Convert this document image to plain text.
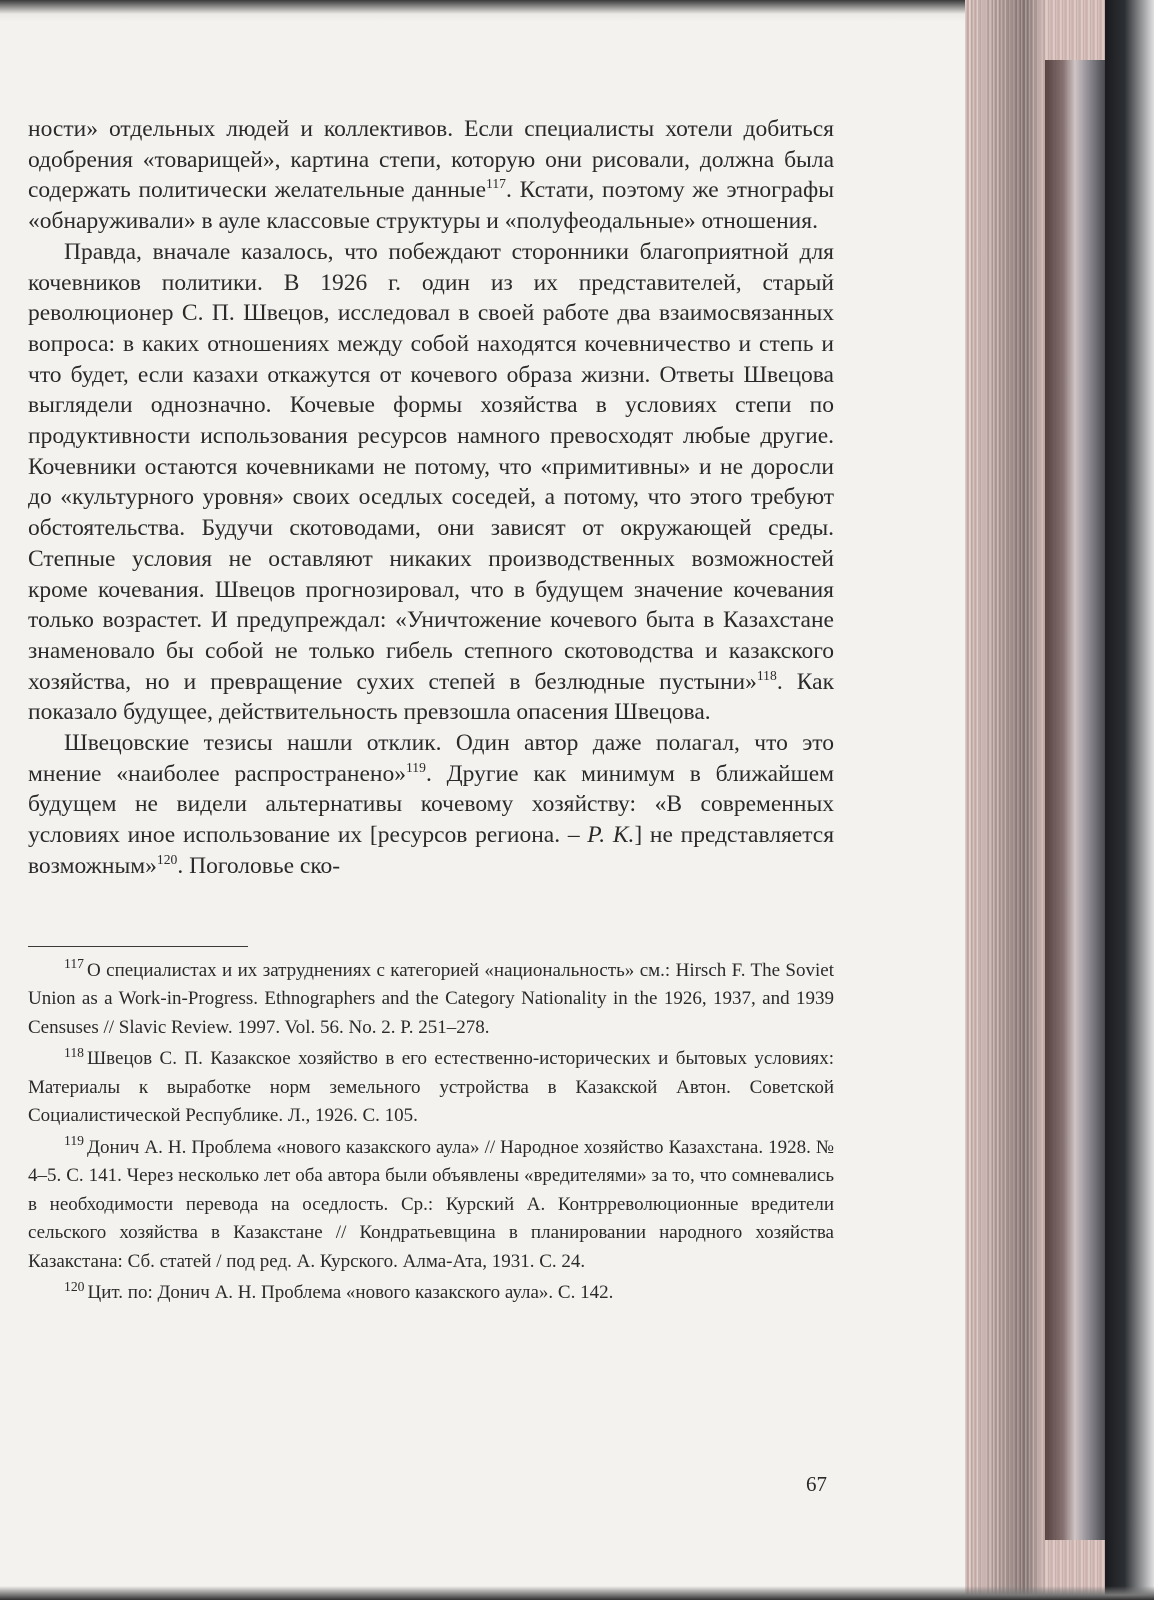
ности» отдельных людей и коллективов. Если специалисты хотели добиться одобрения «товарищей», картина степи, которую они рисовали, должна была содержать политически желательные данные$^{117}$. Кстати, поэтому же этнографы «обнаруживали» в ауле классовые структуры и «полуфеодальные» отношения.

Правда, вначале казалось, что побеждают сторонники благоприятной для кочевников политики. В 1926 г. один из их представителей, старый революционер С. П. Швецов, исследовал в своей работе два взаимосвязанных вопроса: в каких отношениях между собой находятся кочевничество и степь и что будет, если казахи откажутся от кочевого образа жизни. Ответы Швецова выглядели однозначно. Кочевые формы хозяйства в условиях степи по продуктивности использования ресурсов намного превосходят любые другие. Кочевники остаются кочевниками не потому, что «примитивны» и не доросли до «культурного уровня» своих оседлых соседей, а потому, что этого требуют обстоятельства. Будучи скотоводами, они зависят от окружающей среды. Степные условия не оставляют никаких производственных возможностей кроме кочевания. Швецов прогнозировал, что в будущем значение кочевания только возрастет. И предупреждал: «Уничтожение кочевого быта в Казахстане знаменовало бы собой не только гибель степного скотоводства и казакского хозяйства, но и превращение сухих степей в безлюдные пустыни»$^{118}$. Как показало будущее, действительность превзошла опасения Швецова.

Швецовские тезисы нашли отклик. Один автор даже полагал, что это мнение «наиболее распространено»$^{119}$. Другие как минимум в ближайшем будущем не видели альтернативы кочевому хозяйству: «В современных условиях иное использование их [ресурсов региона. – Р. К.] не представляется возможным»$^{120}$. Поголовье ско-

$^{117}$ О специалистах и их затруднениях с категорией «национальность» см.: Hirsch F. The Soviet Union as a Work-in-Progress. Ethnographers and the Category Nationality in the 1926, 1937, and 1939 Censuses // Slavic Review. 1997. Vol. 56. No. 2. P. 251–278.

$^{118}$ Швецов С. П. Казакское хозяйство в его естественно-исторических и бытовых условиях: Материалы к выработке норм земельного устройства в Казакской Автон. Советской Социалистической Республике. Л., 1926. С. 105.

$^{119}$ Донич А. Н. Проблема «нового казакского аула» // Народное хозяйство Казахстана. 1928. № 4–5. С. 141. Через несколько лет оба автора были объявлены «вредителями» за то, что сомневались в необходимости перевода на оседлость. Ср.: Курский А. Контрреволюционные вредители сельского хозяйства в Казакстане // Кондратьевщина в планировании народного хозяйства Казакстана: Сб. статей / под ред. А. Курского. Алма-Ата, 1931. С. 24.

$^{120}$ Цит. по: Донич А. Н. Проблема «нового казакского аула». С. 142.

67
